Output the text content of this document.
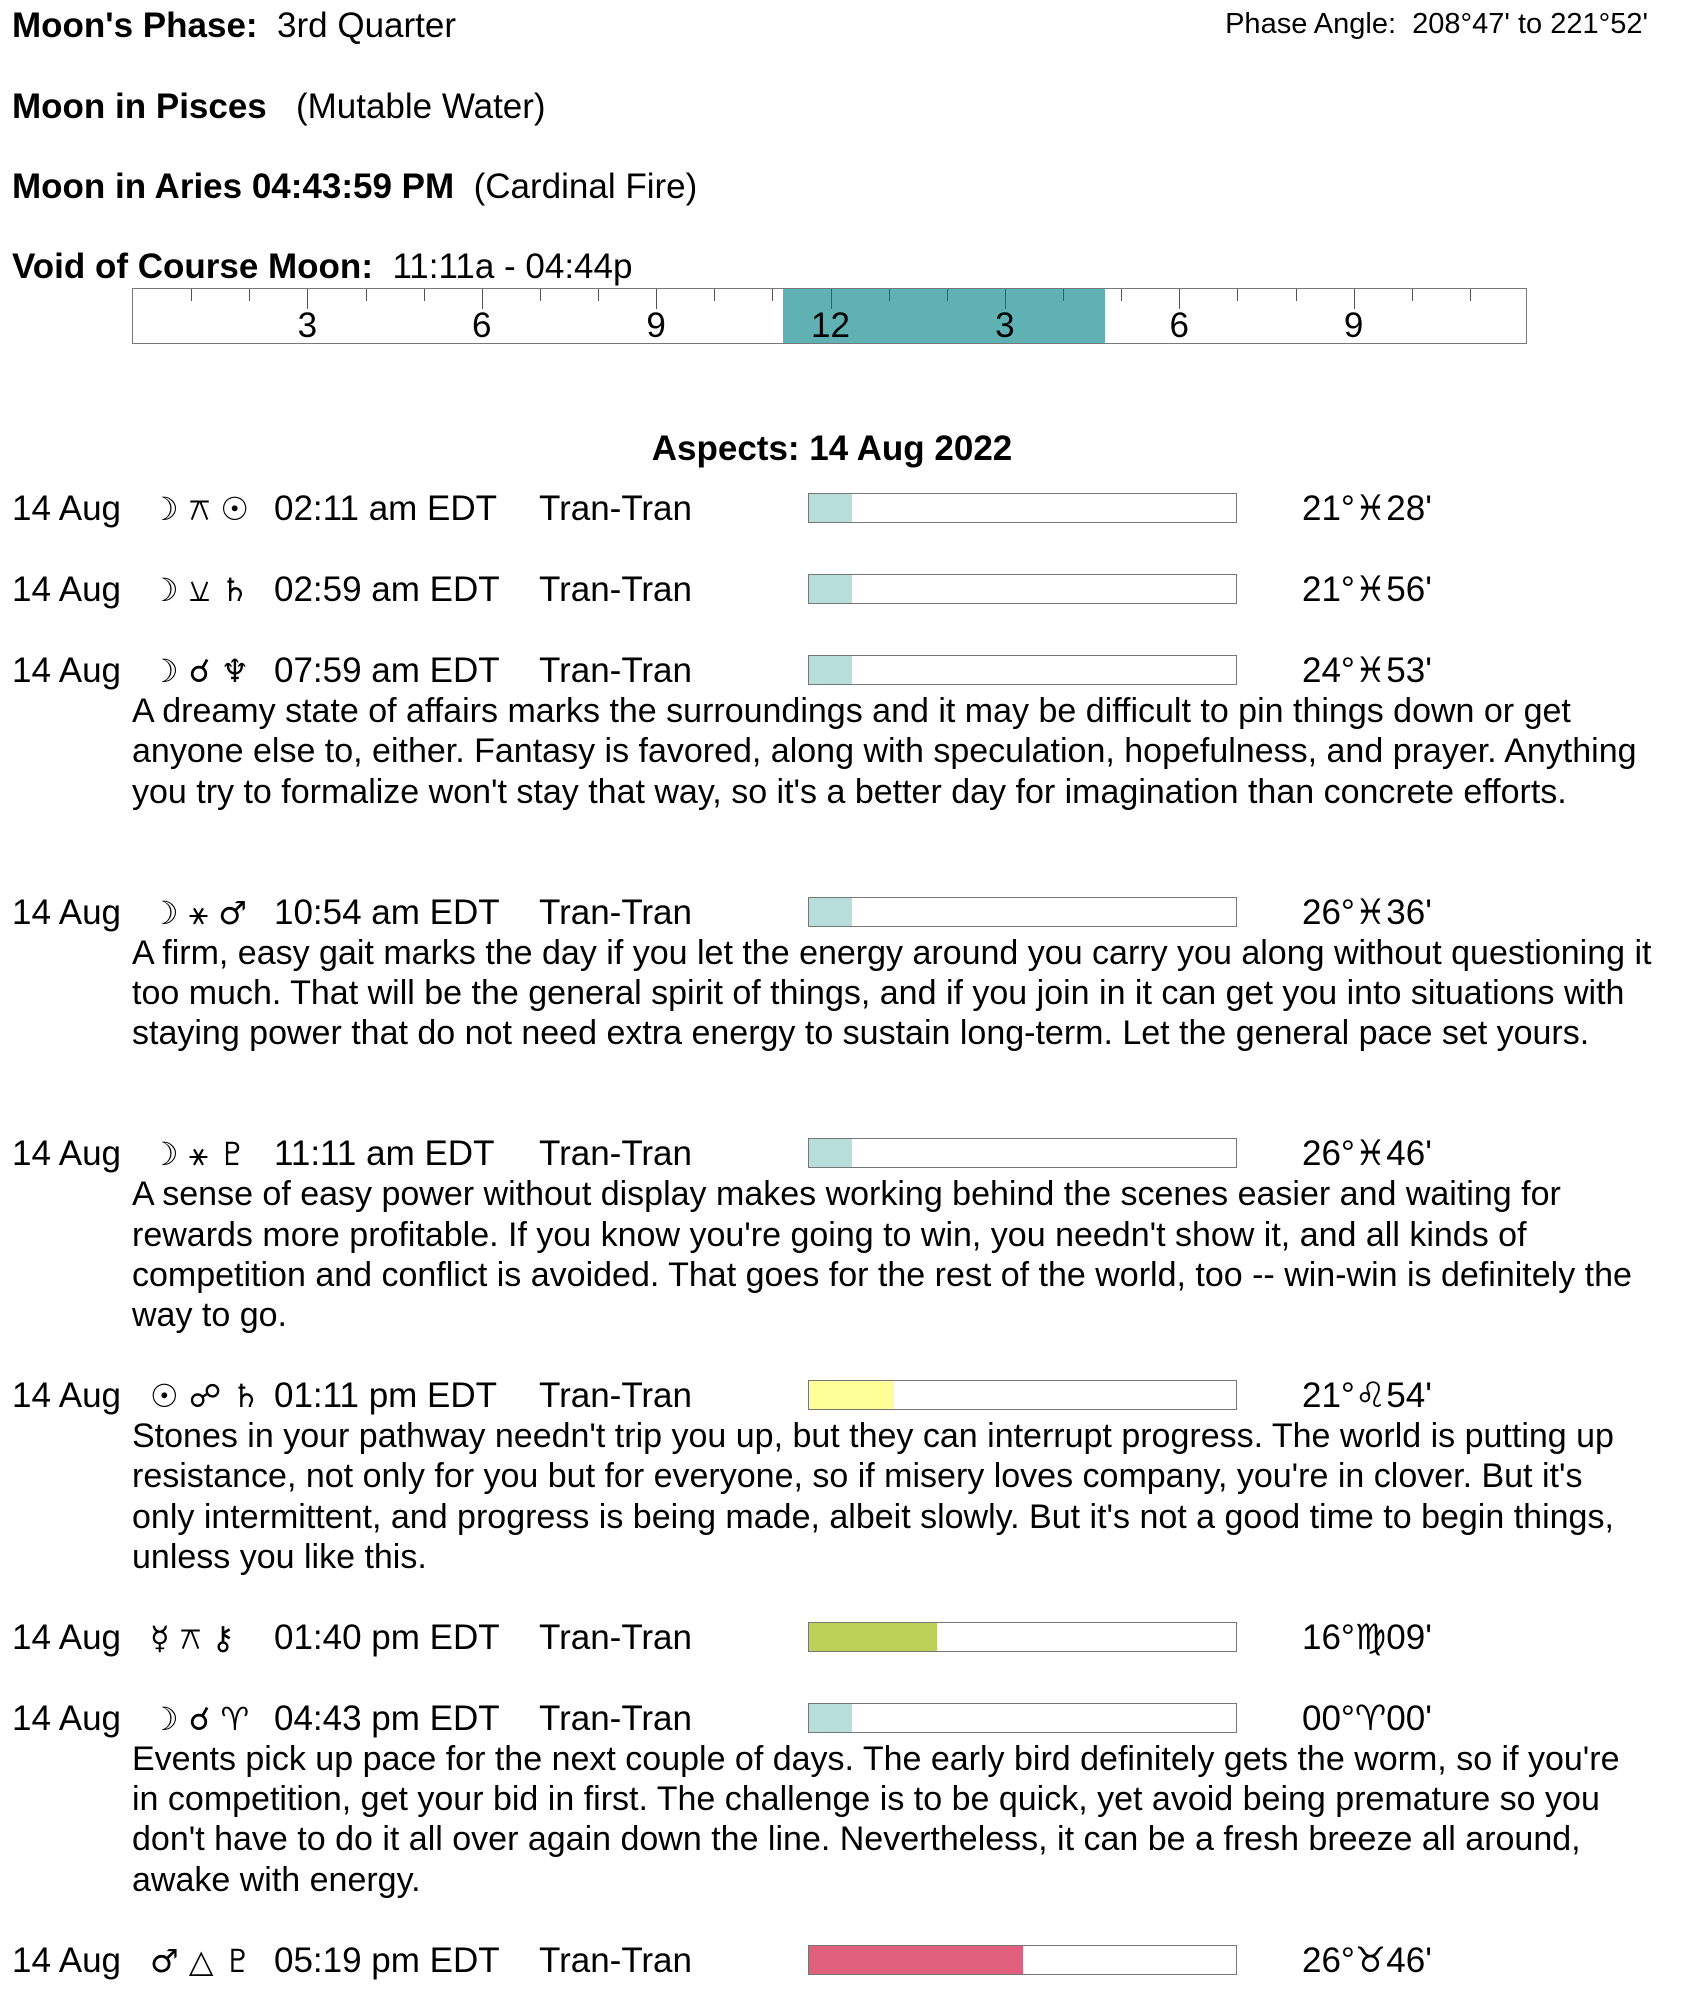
Moon's Phase: 3rd Quarter	Phase Angle: 208°47' to 221°52'
Moon in Pisces (Mutable Water)
Moon in Aries 04:43:59 PM (Cardinal Fire)
Void of Course Moon: 11:11a - 04:44p
3	6	9	12	3	6	9
Aspects: 14 Aug 2022
14 Aug ☽ ⚻ ☉ 02:11 am EDT Tran-Tran	21°♓28'
14 Aug ☽ ⚺ ♄ 02:59 am EDT Tran-Tran	21°♓56'
14 Aug ☽ ☌ ♆ 07:59 am EDT Tran-Tran	24°♓53'
A dreamy state of affairs marks the surroundings and it may be difficult to pin things down or get anyone else to, either. Fantasy is favored, along with speculation, hopefulness, and prayer. Anything you try to formalize won't stay that way, so it's a better day for imagination than concrete efforts.
14 Aug ☽ ⚹ ♂ 10:54 am EDT Tran-Tran	26°♓36'
A firm, easy gait marks the day if you let the energy around you carry you along without questioning it too much. That will be the general spirit of things, and if you join in it can get you into situations with staying power that do not need extra energy to sustain long-term. Let the general pace set yours.
14 Aug ☽ ⚹ ♇ 11:11 am EDT Tran-Tran	26°♓46'
A sense of easy power without display makes working behind the scenes easier and waiting for rewards more profitable. If you know you're going to win, you needn't show it, and all kinds of competition and conflict is avoided. That goes for the rest of the world, too -- win-win is definitely the way to go.
14 Aug ☉ ☍ ♄ 01:11 pm EDT Tran-Tran	21°♌54'
Stones in your pathway needn't trip you up, but they can interrupt progress. The world is putting up resistance, not only for you but for everyone, so if misery loves company, you're in clover. But it's only intermittent, and progress is being made, albeit slowly. But it's not a good time to begin things, unless you like this.
14 Aug ☿ ⚻ ⚷ 01:40 pm EDT Tran-Tran	16°♍09'
14 Aug ☽ ☌ ♈ 04:43 pm EDT Tran-Tran	00°♈00'
Events pick up pace for the next couple of days. The early bird definitely gets the worm, so if you're in competition, get your bid in first. The challenge is to be quick, yet avoid being premature so you don't have to do it all over again down the line. Nevertheless, it can be a fresh breeze all around, awake with energy.
14 Aug ♂ △ ♇ 05:19 pm EDT Tran-Tran	26°♉46'
